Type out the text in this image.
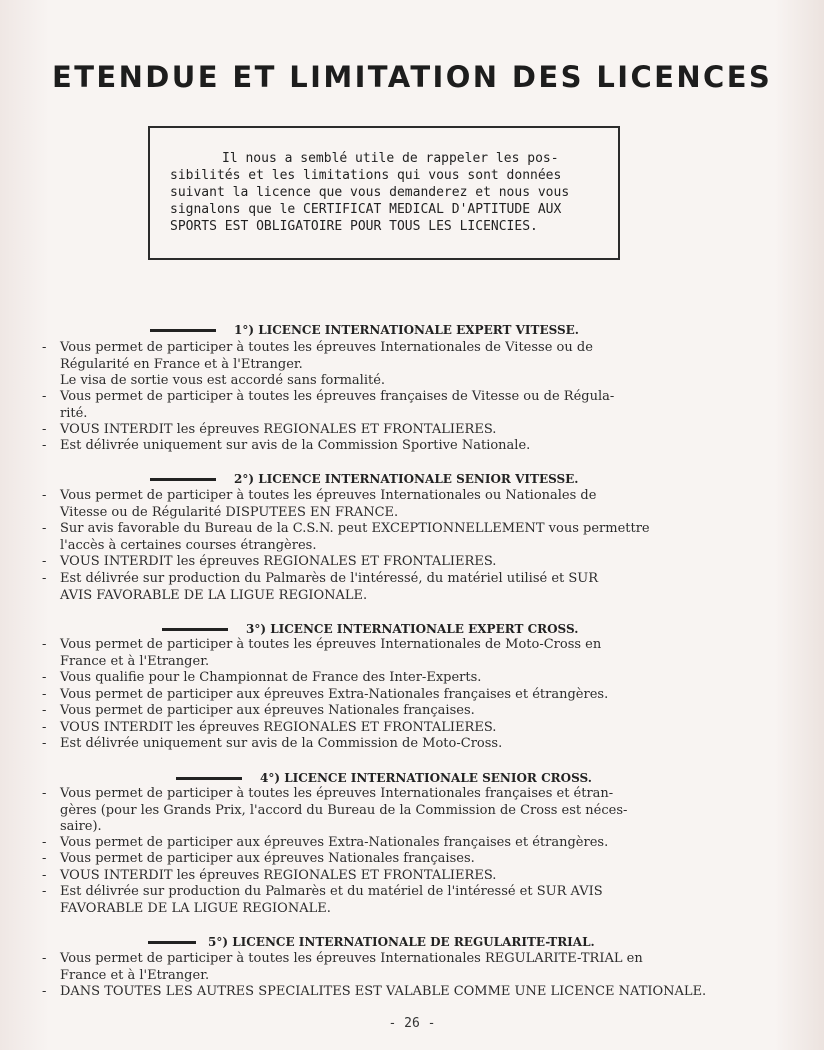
ETENDUE ET LIMITATION DES LICENCES
Il nous a semblé utile de rappeler les pos-
sibilités et les limitations qui vous sont données
suivant la licence que vous demanderez et nous vous
signalons que le CERTIFICAT MEDICAL D'APTITUDE AUX
SPORTS EST OBLIGATOIRE POUR TOUS LES LICENCIES.
1°) LICENCE INTERNATIONALE EXPERT VITESSE.
- Vous permet de participer à toutes les épreuves Internationales de Vitesse ou de
Régularité en France et à l'Etranger.
Le visa de sortie vous est accordé sans formalité.
- Vous permet de participer à toutes les épreuves françaises de Vitesse ou de Régula-
rité.
- VOUS INTERDIT les épreuves REGIONALES ET FRONTALIERES.
- Est délivrée uniquement sur avis de la Commission Sportive Nationale.
2°) LICENCE INTERNATIONALE SENIOR VITESSE.
- Vous permet de participer à toutes les épreuves Internationales ou Nationales de
Vitesse ou de Régularité DISPUTEES EN FRANCE.
- Sur avis favorable du Bureau de la C.S.N. peut EXCEPTIONNELLEMENT vous permettre
l'accès à certaines courses étrangères.
- VOUS INTERDIT les épreuves REGIONALES ET FRONTALIERES.
- Est délivrée sur production du Palmarès de l'intéressé, du matériel utilisé et SUR
AVIS FAVORABLE DE LA LIGUE REGIONALE.
3°) LICENCE INTERNATIONALE EXPERT CROSS.
- Vous permet de participer à toutes les épreuves Internationales de Moto-Cross en
France et à l'Etranger.
- Vous qualifie pour le Championnat de France des Inter-Experts.
- Vous permet de participer aux épreuves Extra-Nationales françaises et étrangères.
- Vous permet de participer aux épreuves Nationales françaises.
- VOUS INTERDIT les épreuves REGIONALES ET FRONTALIERES.
- Est délivrée uniquement sur avis de la Commission de Moto-Cross.
4°) LICENCE INTERNATIONALE SENIOR CROSS.
- Vous permet de participer à toutes les épreuves Internationales françaises et étran-
gères (pour les Grands Prix, l'accord du Bureau de la Commission de Cross est néces-
saire).
- Vous permet de participer aux épreuves Extra-Nationales françaises et étrangères.
- Vous permet de participer aux épreuves Nationales françaises.
- VOUS INTERDIT les épreuves REGIONALES ET FRONTALIERES.
- Est délivrée sur production du Palmarès et du matériel de l'intéressé et SUR AVIS
FAVORABLE DE LA LIGUE REGIONALE.
5°) LICENCE INTERNATIONALE DE REGULARITE-TRIAL.
- Vous permet de participer à toutes les épreuves Internationales REGULARITE-TRIAL en
France et à l'Etranger.
- DANS TOUTES LES AUTRES SPECIALITES EST VALABLE COMME UNE LICENCE NATIONALE.
- 26 -
